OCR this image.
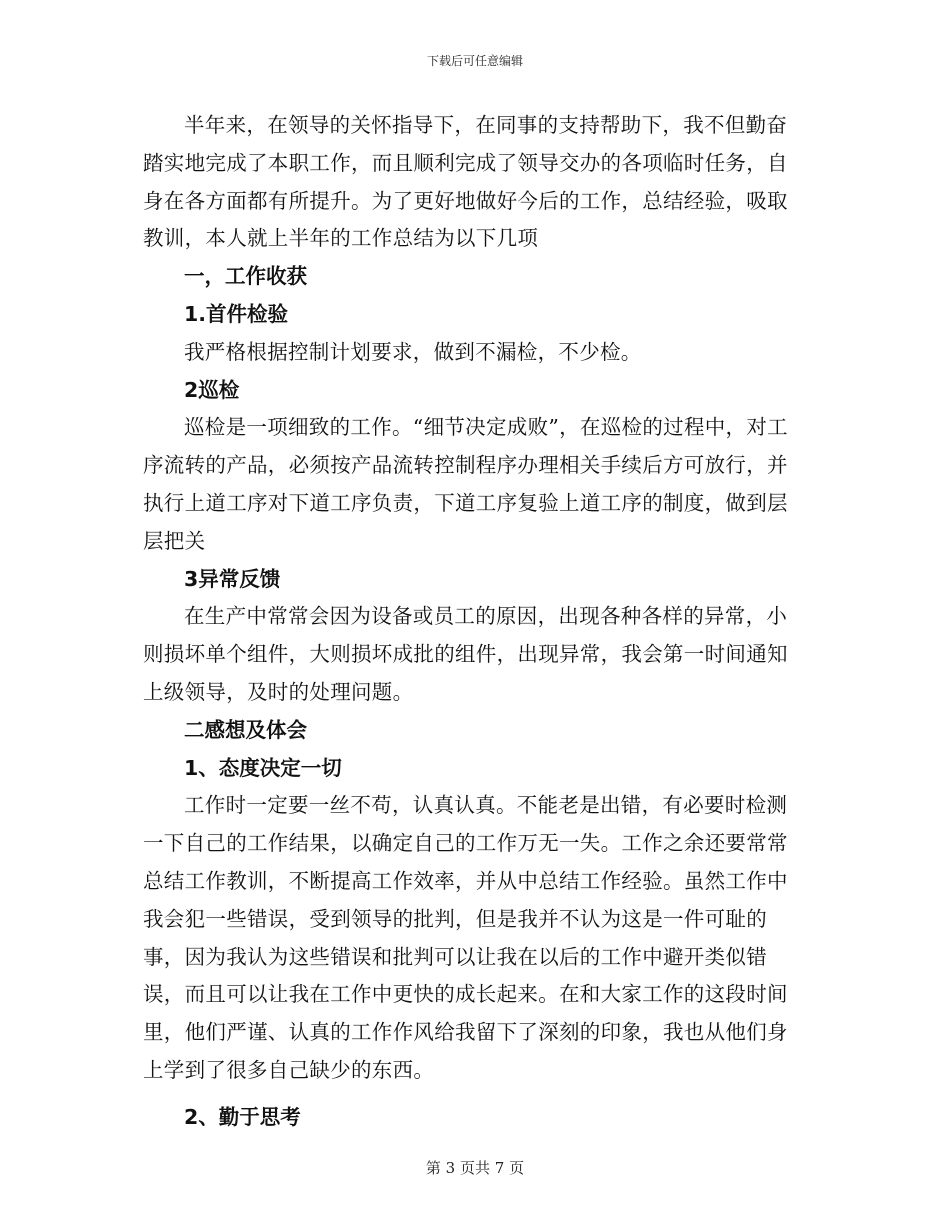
下载后可任意编辑

半年来，在领导的关怀指导下，在同事的支持帮助下，我不但勤奋踏实地完成了本职工作，而且顺利完成了领导交办的各项临时任务，自身在各方面都有所提升。为了更好地做好今后的工作，总结经验，吸取教训，本人就上半年的工作总结为以下几项

一，工作收获

1.首件检验

我严格根据控制计划要求，做到不漏检，不少检。

2巡检

巡检是一项细致的工作。“细节决定成败”，在巡检的过程中，对工序流转的产品，必须按产品流转控制程序办理相关手续后方可放行，并执行上道工序对下道工序负责，下道工序复验上道工序的制度，做到层层把关

3异常反馈

在生产中常常会因为设备或员工的原因，出现各种各样的异常，小则损坏单个组件，大则损坏成批的组件，出现异常，我会第一时间通知上级领导，及时的处理问题。

二感想及体会

1、态度决定一切

工作时一定要一丝不苟，认真认真。不能老是出错，有必要时检测一下自己的工作结果，以确定自己的工作万无一失。工作之余还要常常总结工作教训，不断提高工作效率，并从中总结工作经验。虽然工作中我会犯一些错误，受到领导的批判，但是我并不认为这是一件可耻的事，因为我认为这些错误和批判可以让我在以后的工作中避开类似错误，而且可以让我在工作中更快的成长起来。在和大家工作的这段时间里，他们严谨、认真的工作作风给我留下了深刻的印象，我也从他们身上学到了很多自己缺少的东西。

2、勤于思考

第 3 页共 7 页
